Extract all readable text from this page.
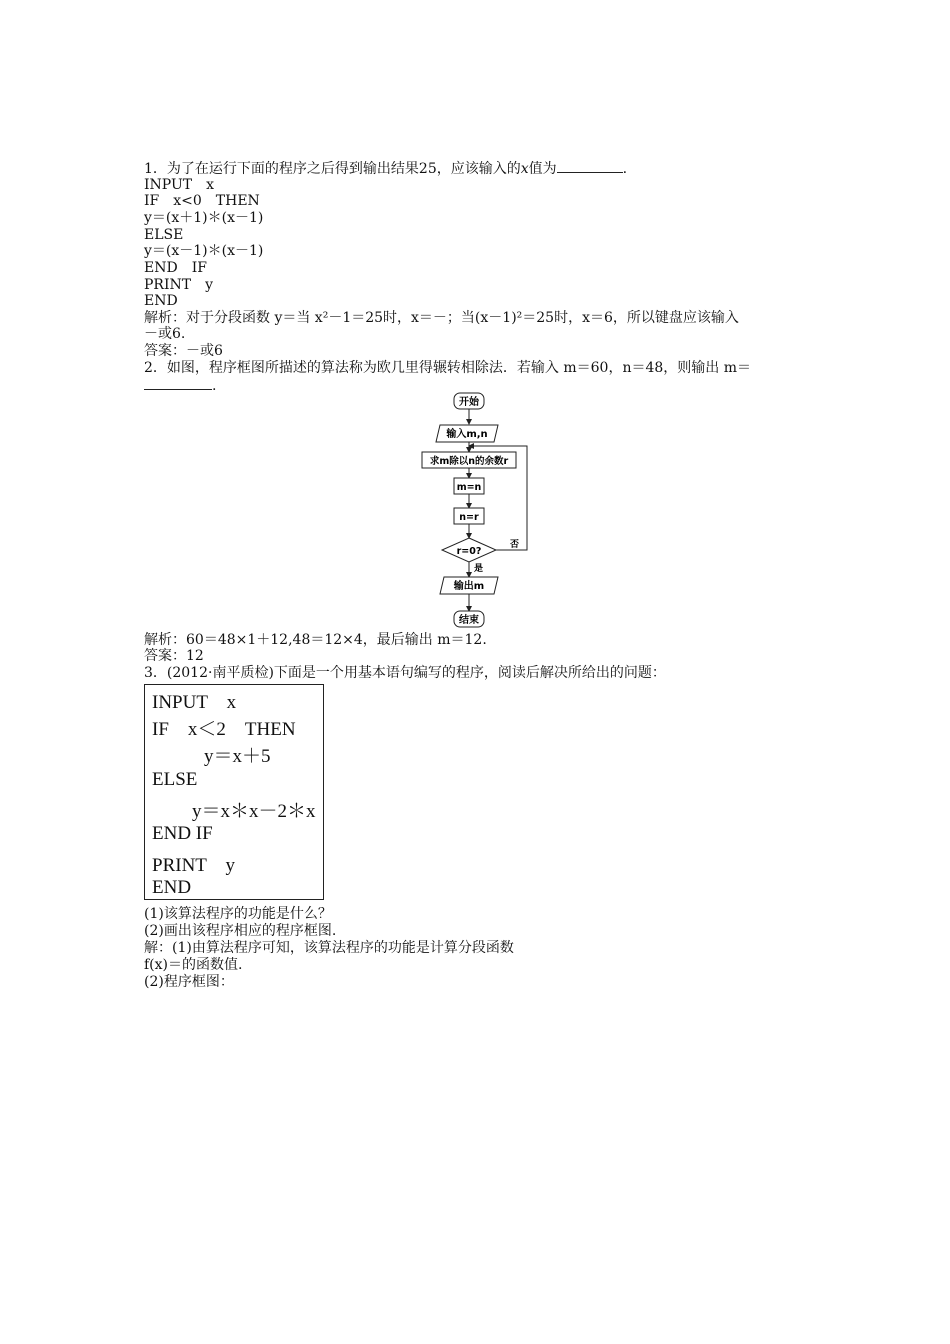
1．为了在运行下面的程序之后得到输出结果25，应该输入的x值为	.
INPUT　x
IF　x<0　THEN
y＝(x＋1)＊(x－1)
ELSE
y＝(x－1)＊(x－1)
END　IF
PRINT　y
END
解析：对于分段函数 y＝当 x²－1＝25时，x＝－；当(x－1)²＝25时，x＝6，所以键盘应该输入
－或6.
答案：－或6
2．如图，程序框图所描述的算法称为欧几里得辗转相除法．若输入 m＝60，n＝48，则输出 m＝
.
开始
输入m,n
求m除以n的余数r
m=n
n=r
r=0?
否
是
输出m
结束
解析：60＝48×1＋12,48＝12×4，最后输出 m＝12.
答案：12
3．(2012·南平质检)下面是一个用基本语句编写的程序，阅读后解决所给出的问题：
INPUT　x
IF　x＜2　THEN
y＝x＋5
ELSE
y＝x＊x－2＊x
END IF
PRINT　y
END
(1)该算法程序的功能是什么？
(2)画出该程序相应的程序框图.
解：(1)由算法程序可知，该算法程序的功能是计算分段函数
f(x)＝的函数值.
(2)程序框图：
